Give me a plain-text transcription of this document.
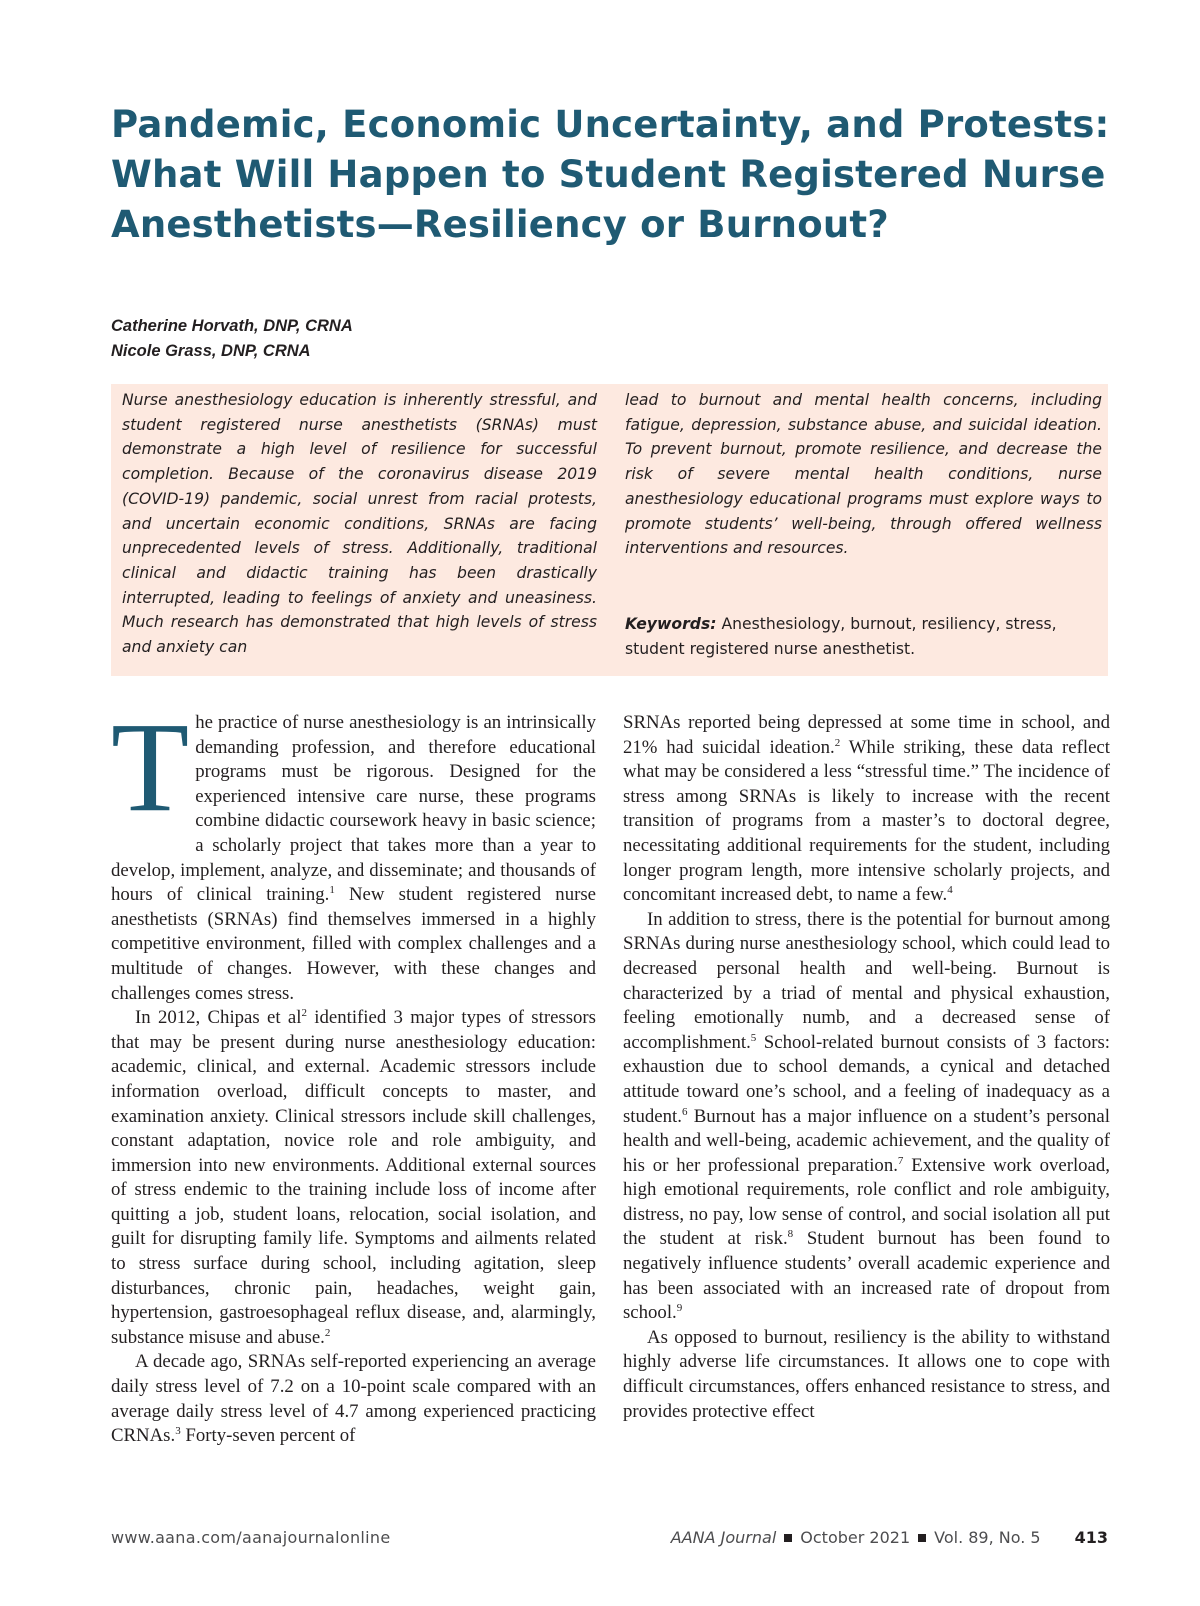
Pandemic, Economic Uncertainty, and Protests:
What Will Happen to Student Registered Nurse
Anesthetists—Resiliency or Burnout?
Catherine Horvath, DNP, CRNA
Nicole Grass, DNP, CRNA
Nurse anesthesiology education is inherently stressful, and student registered nurse anesthetists (SRNAs) must demonstrate a high level of resilience for successful completion. Because of the coronavirus disease 2019 (COVID-19) pandemic, social unrest from racial protests, and uncertain economic conditions, SRNAs are facing unprecedented levels of stress. Additionally, traditional clinical and didactic training has been drastically interrupted, leading to feelings of anxiety and uneasiness. Much research has demonstrated that high levels of stress and anxiety can
lead to burnout and mental health concerns, including fatigue, depression, substance abuse, and suicidal ideation. To prevent burnout, promote resilience, and decrease the risk of severe mental health conditions, nurse anesthesiology educational programs must explore ways to promote students’ well-being, through offered wellness interventions and resources.
Keywords: Anesthesiology, burnout, resiliency, stress, student registered nurse anesthetist.

The practice of nurse anesthesiology is an intrinsically demanding profession, and therefore educational programs must be rigorous. Designed for the experienced intensive care nurse, these programs combine didactic coursework heavy in basic science; a scholarly project that takes more than a year to develop, implement, analyze, and disseminate; and thousands of hours of clinical training.$^1$ New student registered nurse anesthetists (SRNAs) find themselves immersed in a highly competitive environment, filled with complex challenges and a multitude of changes. However, with these changes and challenges comes stress.

In 2012, Chipas et $al^2$ identified 3 major types of stressors that may be present during nurse anesthesiology education: academic, clinical, and external. Academic stressors include information overload, difficult concepts to master, and examination anxiety. Clinical stressors include skill challenges, constant adaptation, novice role and role ambiguity, and immersion into new environments. Additional external sources of stress endemic to the training include loss of income after quitting a job, student loans, relocation, social isolation, and guilt for disrupting family life. Symptoms and ailments related to stress surface during school, including agitation, sleep disturbances, chronic pain, headaches, weight gain, hypertension, gastroesophageal reflux disease, and, alarmingly, substance misuse and abuse.$^2$

A decade ago, SRNAs self-reported experiencing an average daily stress level of 7.2 on a 10-point scale compared with an average daily stress level of 4.7 among experienced practicing CRNAs.$^3$ Forty-seven percent of

SRNAs reported being depressed at some time in school, and 21% had suicidal ideation.$^2$ While striking, these data reflect what may be considered a less “stressful time.” The incidence of stress among SRNAs is likely to increase with the recent transition of programs from a master’s to doctoral degree, necessitating additional requirements for the student, including longer program length, more intensive scholarly projects, and concomitant increased debt, to name a few.$^4$

In addition to stress, there is the potential for burnout among SRNAs during nurse anesthesiology school, which could lead to decreased personal health and well-being. Burnout is characterized by a triad of mental and physical exhaustion, feeling emotionally numb, and a decreased sense of accomplishment.$^5$ School-related burnout consists of 3 factors: exhaustion due to school demands, a cynical and detached attitude toward one’s school, and a feeling of inadequacy as a student.$^6$ Burnout has a major influence on a student’s personal health and well-being, academic achievement, and the quality of his or her professional preparation.$^7$ Extensive work overload, high emotional requirements, role conflict and role ambiguity, distress, no pay, low sense of control, and social isolation all put the student at risk.$^8$ Student burnout has been found to negatively influence students’ overall academic experience and has been associated with an increased rate of dropout from school.$^9$

As opposed to burnout, resiliency is the ability to withstand highly adverse life circumstances. It allows one to cope with difficult circumstances, offers enhanced resistance to stress, and provides protective effect

www.aana.com/aanajournalonline	AANA Journal October 2021 Vol. 89, No. 5 413
